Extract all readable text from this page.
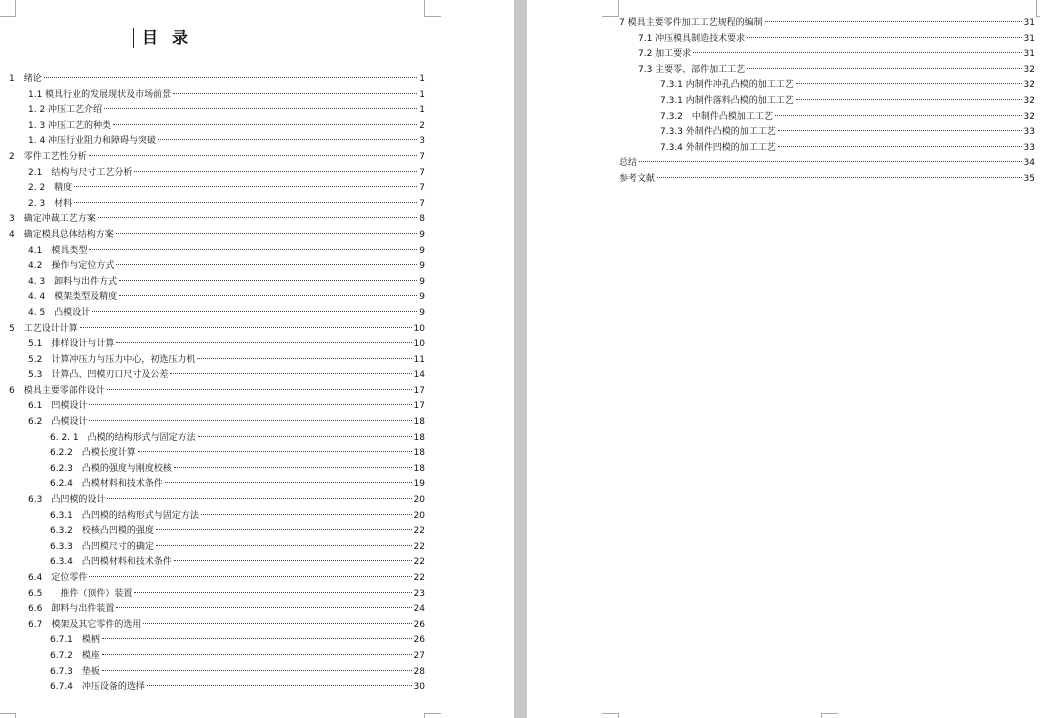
目录
1　绪论	1
1.1 模具行业的发展现状及市场前景	1
1. 2 冲压工艺介绍	1
1. 3 冲压工艺的种类	2
1. 4 冲压行业阻力和障碍与突破	3
2　零件工艺性分析	7
2.1　结构与尺寸工艺分析	7
2. 2　精度	7
2. 3　材料	7
3　确定冲裁工艺方案	8
4　确定模具总体结构方案	9
4.1　模具类型	9
4.2　操作与定位方式	9
4. 3　卸料与出件方式	9
4. 4　模架类型及精度	9
4. 5　凸模设计	9
5　工艺设计计算	10
5.1　排样设计与计算	10
5.2　计算冲压力与压力中心，初选压力机	11
5.3　计算凸、凹模刃口尺寸及公差	14
6　模具主要零部件设计	17
6.1　凹模设计	17
6.2　凸模设计	18
6. 2. 1　凸模的结构形式与固定方法	18
6.2.2　凸模长度计算	18
6.2.3　凸模的强度与刚度校核	18
6.2.4　凸模材料和技术条件	19
6.3　凸凹模的设计	20
6.3.1　凸凹模的结构形式与固定方法	20
6.3.2　校核凸凹模的强度	22
6.3.3　凸凹模尺寸的确定	22
6.3.4　凸凹模材料和技术条件	22
6.4　定位零件	22
6.5　　推件（顶件）装置	23
6.6　卸料与出件装置	24
6.7　模架及其它零件的选用	26
6.7.1　模柄	26
6.7.2　模座	27
6.7.3　垫板	28
6.7.4　冲压设备的选择	30
7 模具主要零件加工工艺规程的编制	31
7.1 冲压模具制造技术要求	31
7.2 加工要求	31
7.3 主要零、部件加工工艺	32
7.3.1 内制件冲孔凸模的加工工艺	32
7.3.1 内制件落料凸模的加工工艺	32
7.3.2　中制件凸模加工工艺	32
7.3.3 外制件凸模的加工工艺	33
7.3.4 外制件凹模的加工工艺	33
总结	34
参考文献	35
